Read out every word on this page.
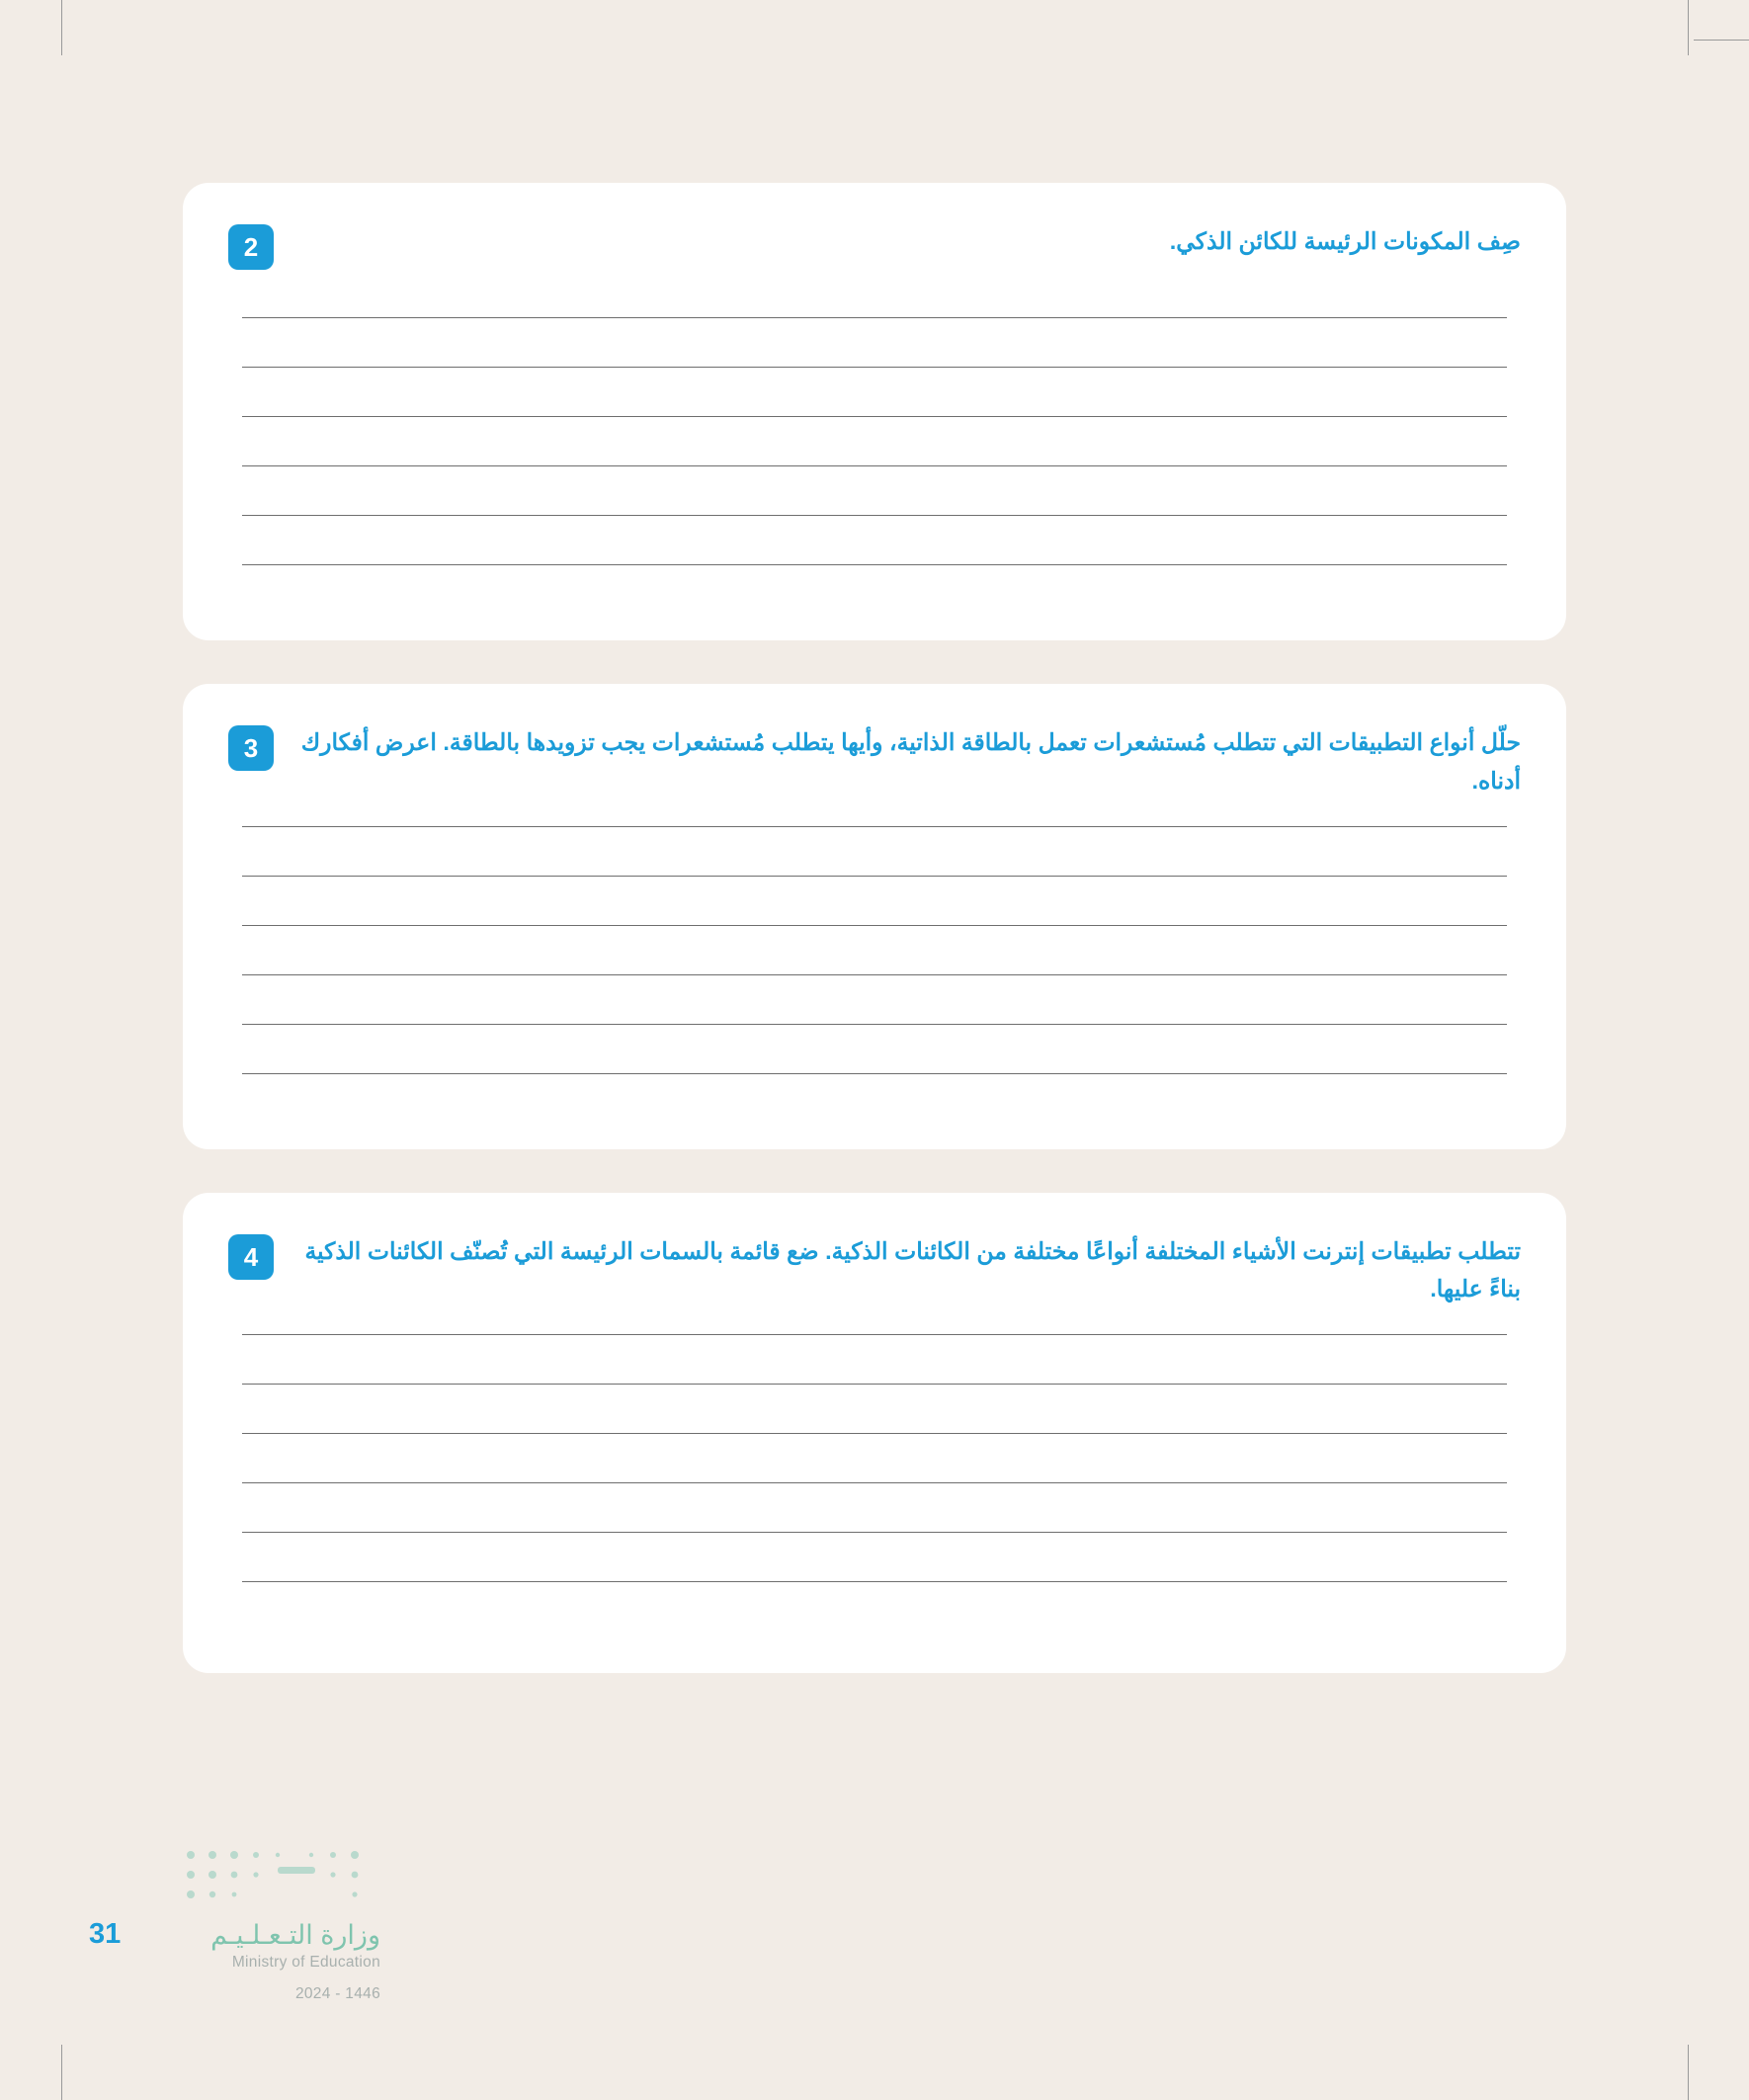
صِف المكونات الرئيسة للكائن الذكي.
2
حلّل أنواع التطبيقات التي تتطلب مُستشعرات تعمل بالطاقة الذاتية، وأيها يتطلب مُستشعرات يجب تزويدها بالطاقة. اعرض أفكارك أدناه.
3
تتطلب تطبيقات إنترنت الأشياء المختلفة أنواعًا مختلفة من الكائنات الذكية. ضع قائمة بالسمات الرئيسة التي تُصنّف الكائنات الذكية بناءً عليها.
4
وزارة التـعـلـيـم
Ministry of Education
2024 - 1446
31
